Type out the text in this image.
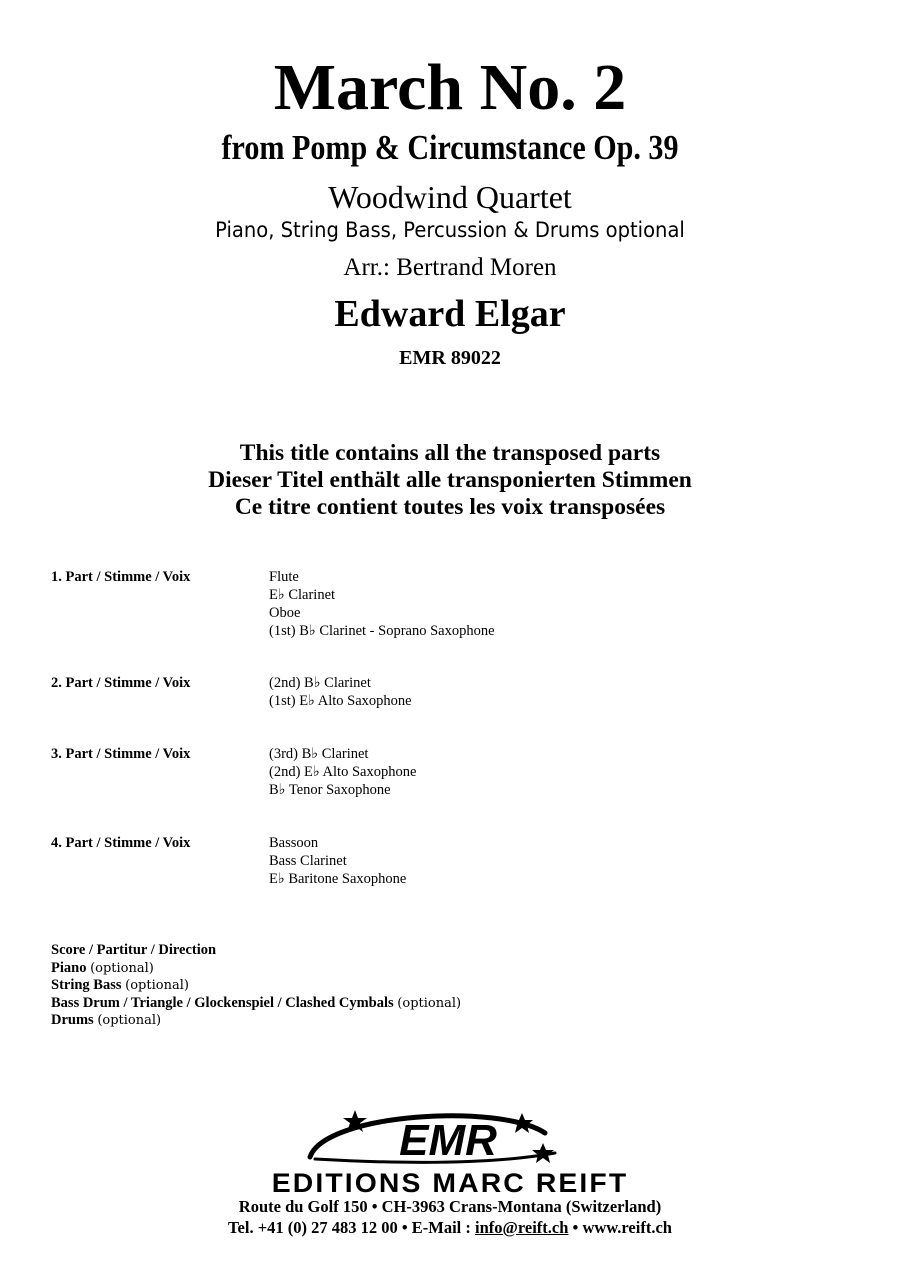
March No. 2
from Pomp & Circumstance Op. 39
Woodwind Quartet
Piano, String Bass, Percussion & Drums optional
Arr.: Bertrand Moren
Edward Elgar
EMR 89022
This title contains all the transposed parts
Dieser Titel enthält alle transponierten Stimmen
Ce titre contient toutes les voix transposées
1. Part / Stimme / Voix	Flute
E♭ Clarinet
Oboe
(1st) B♭ Clarinet - Soprano Saxophone
2. Part / Stimme / Voix	(2nd) B♭ Clarinet
(1st) E♭ Alto Saxophone
3. Part / Stimme / Voix	(3rd) B♭ Clarinet
(2nd) E♭ Alto Saxophone
B♭ Tenor Saxophone
4. Part / Stimme / Voix	Bassoon
Bass Clarinet
E♭ Baritone Saxophone
Score / Partitur / Direction
Piano (optional)
String Bass (optional)
Bass Drum / Triangle / Glockenspiel / Clashed Cymbals (optional)
Drums (optional)
EMR
EDITIONS MARC REIFT
Route du Golf 150 • CH-3963 Crans-Montana (Switzerland)
Tel. +41 (0) 27 483 12 00 • E-Mail : info@reift.ch • www.reift.ch
